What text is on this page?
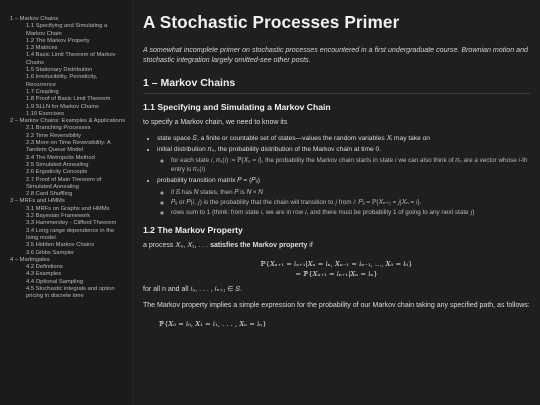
1 – Markov Chains
1.1 Specifying and Simulating a Markov Chain
1.2 The Markov Property
1.3 Matrices
1.4 Basic Limit Theorem of Markov Chains
1.5 Stationary Distribution
1.6 Irreducibility, Periodicity, Recurrence
1.7 Coupling
1.8 Proof of Basic Limit Theorem
1.9 SLLN for Markov Chains
1.10 Exercises
2 – Markov Chains: Examples & Applications
2.1 Branching Processes
2.2 Time Reversibility
2.3 More on Time Reversibility: A Tandem Queue Model
2.4 The Metropolis Method
2.5 Simulated Annealing
2.6 Ergodicity Concepts
2.7 Proof of Main Theorem of Simulated Annealing
2.8 Card Shuffling
3 – MRFs and HMMs
3.1 MRFs on Graphs and HMMs
3.2 Bayesian Framework
3.3 Hammersley - Clifford Theorem
3.4 Long range dependence in the Ising model
3.5 Hidden Markov Chains
3.6 Gibbs Sampler
4 – Martingales
4.2 Definitions
4.3 Examples
4.4 Optional Sampling
4.5 Stochastic integrals and option pricing in discrete time
A Stochastic Processes Primer

A somewhat incomplete primer on stochastic processes encountered in a first undergraduate course. Brownian motion and stochastic integration largely omitted-see other posts.

1 – Markov Chains
1.1 Specifying and Simulating a Markov Chain

to specify a Markov chain, we need to know its

• state space 𝑆, a finite or countable set of states—values the random variables 𝑋ᵢ may take on
• initial distribution 𝜋₀, the probability distribution of the Markov chain at time 0.
◦ for each state 𝑖, 𝜋₀(𝑖) := ℙ{𝑋₀ = 𝑖}, the probability the Markov chain starts in state 𝑖 we can also think of 𝜋₀ are a vector whose 𝑖-th entry is 𝜋₀(𝑖)
• probability transition matrix 𝑃 = (𝑃ᵢⱼ)
◦ if 𝑆 has 𝑁 states, then 𝑃 is 𝑁 × 𝑁
◦ 𝑃ᵢⱼ or 𝑃(𝑖, 𝑗) is the probability that the chain will transition to 𝑗 from 𝑖: 𝑃ᵢⱼ = ℙ{𝑋ₙ₊₁ = 𝑗|𝑋ₙ = 𝑖}.
◦ rows sum to 1 (think: from state 𝑖, we are in row 𝑖, and there must be probability 1 of going to any next state 𝑗)
1.2 The Markov Property

a process 𝑋₀, 𝑋₁, . . . satisfies the Markov property if

ℙ{𝑋ₙ₊₁ = 𝑖ₙ₊₁|𝑋ₙ = 𝑖ₙ, 𝑋ₙ₋₁ = 𝑖ₙ₋₁, ..., 𝑋₀ = 𝑖₀}
= ℙ{𝑋ₙ₊₁ = 𝑖ₙ₊₁|𝑋ₙ = 𝑖ₙ}

for all n and all 𝑖₀, . . . , 𝑖ₙ₊₁ ∈ 𝑆.

The Markov property implies a simple expression for the probability of our Markov chain taking any specified path, as follows:

ℙ{𝑋₀ = 𝑖₀, 𝑋₁ = 𝑖₁, . . . , 𝑋ₙ = 𝑖ₙ}
